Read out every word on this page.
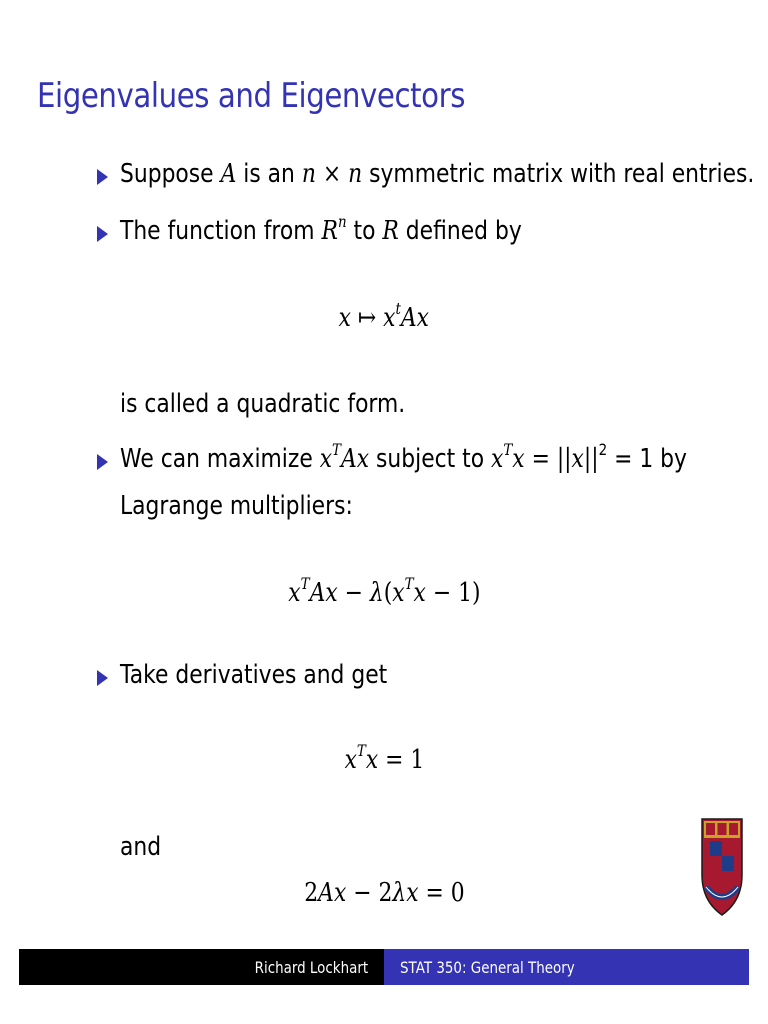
Eigenvalues and Eigenvectors
Suppose A is an n × n symmetric matrix with real entries.
The function from $R^n$ to R defined by
x ↦ $x^tAx$
is called a quadratic form.
We can maximize $x^TAx$ subject to $x^Tx = ||x||^2 = 1$ by
Lagrange multipliers:
$x^TAx - \lambda(x^Tx - 1)$
Take derivatives and get
$x^Tx = 1$
and
2Ax − 2λx = 0
Richard Lockhart STAT 350: General Theory
